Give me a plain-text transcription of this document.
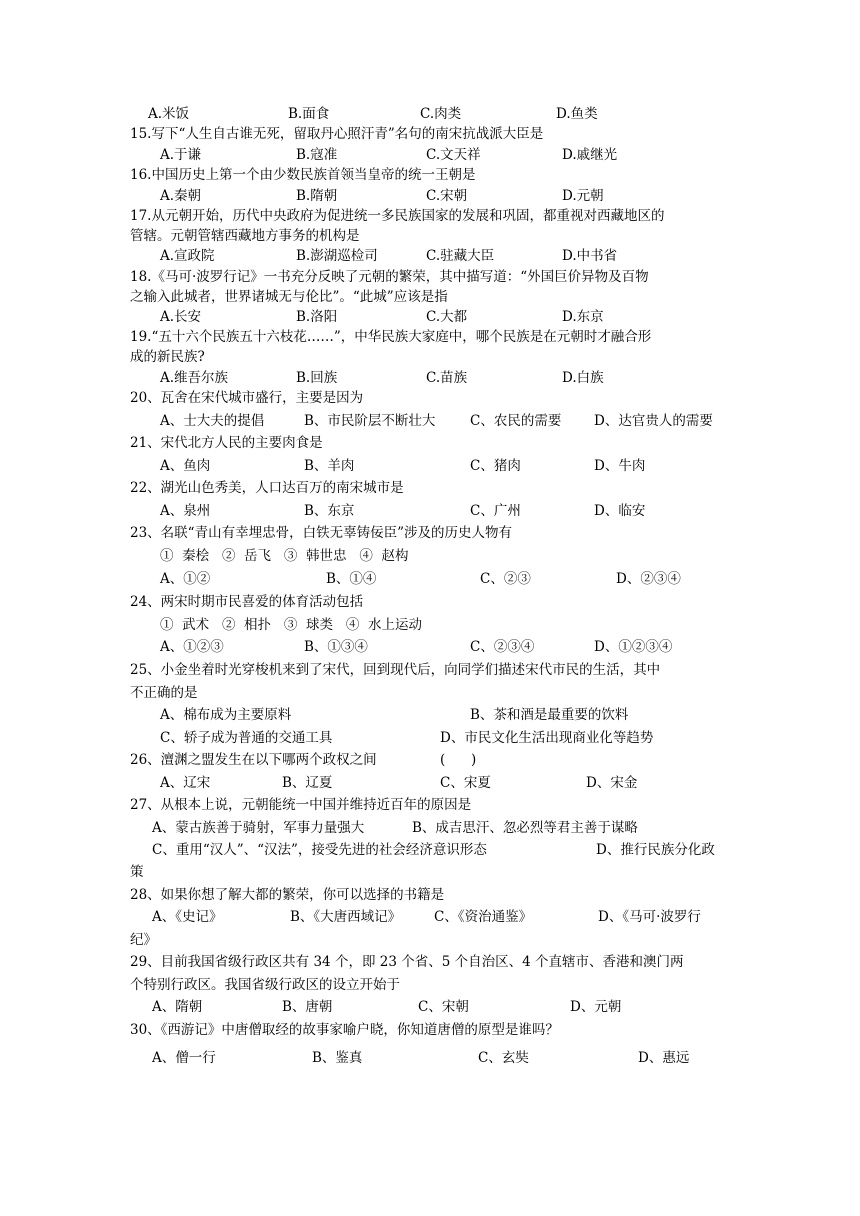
A.米饭	B.面食	C.肉类	D.鱼类
15.写下“人生自古谁无死，留取丹心照汗青”名句的南宋抗战派大臣是
A.于谦	B.寇准	C.文天祥	D.戚继光
16.中国历史上第一个由少数民族首领当皇帝的统一王朝是
A.秦朝	B.隋朝	C.宋朝	D.元朝
17.从元朝开始，历代中央政府为促进统一多民族国家的发展和巩固，都重视对西藏地区的
管辖。元朝管辖西藏地方事务的机构是
A.宣政院	B.澎湖巡检司	C.驻藏大臣	D.中书省
18.《马可·波罗行记》一书充分反映了元朝的繁荣，其中描写道：“外国巨价异物及百物
之输入此城者，世界诸城无与伦比”。“此城”应该是指
A.长安	B.洛阳	C.大都	D.东京
19.“五十六个民族五十六枝花……”，中华民族大家庭中，哪个民族是在元朝时才融合形
成的新民族?
A.维吾尔族	B.回族	C.苗族	D.白族
20、瓦舍在宋代城市盛行，主要是因为
A、士大夫的提倡	B、市民阶层不断壮大	C、农民的需要 D、达官贵人的需要
21、宋代北方人民的主要肉食是
A、鱼肉	B、羊肉	C、猪肉	D、牛肉
22、湖光山色秀美，人口达百万的南宋城市是
A、泉州	B、东京	C、广州	D、临安
23、名联“青山有幸埋忠骨，白铁无辜铸佞臣”涉及的历史人物有
①  秦桧   ②  岳飞   ③  韩世忠   ④  赵构
A、①②	B、①④	C、②③	D、②③④
24、两宋时期市民喜爱的体育活动包括
①  武术   ②  相扑   ③  球类   ④  水上运动
A、①②③	B、①③④	C、②③④	D、①②③④
25、小金坐着时光穿梭机来到了宋代，回到现代后，向同学们描述宋代市民的生活，其中
不正确的是
A、棉布成为主要原料	B、茶和酒是最重要的饮料
C、轿子成为普通的交通工具	D、市民文化生活出现商业化等趋势
26、澶渊之盟发生在以下哪两个政权之间	(      )
A、辽宋	B、辽夏	C、宋夏	D、宋金
27、从根本上说，元朝能统一中国并维持近百年的原因是
A、蒙古族善于骑射，军事力量强大	B、成吉思汗、忽必烈等君主善于谋略
C、重用“汉人”、“汉法”，接受先进的社会经济意识形态	D、推行民族分化政
策
28、如果你想了解大都的繁荣，你可以选择的书籍是
A、《史记》	B、《大唐西域记》 C、《资治通鉴》	D、《马可·波罗行
纪》
29、目前我国省级行政区共有 34 个，即 23 个省、5 个自治区、4 个直辖市、香港和澳门两
个特别行政区。我国省级行政区的设立开始于
A、隋朝	B、唐朝	C、宋朝	D、元朝
30、《西游记》中唐僧取经的故事家喻户晓，你知道唐僧的原型是谁吗？
A、僧一行	B、鉴真	C、玄奘	D、惠远
